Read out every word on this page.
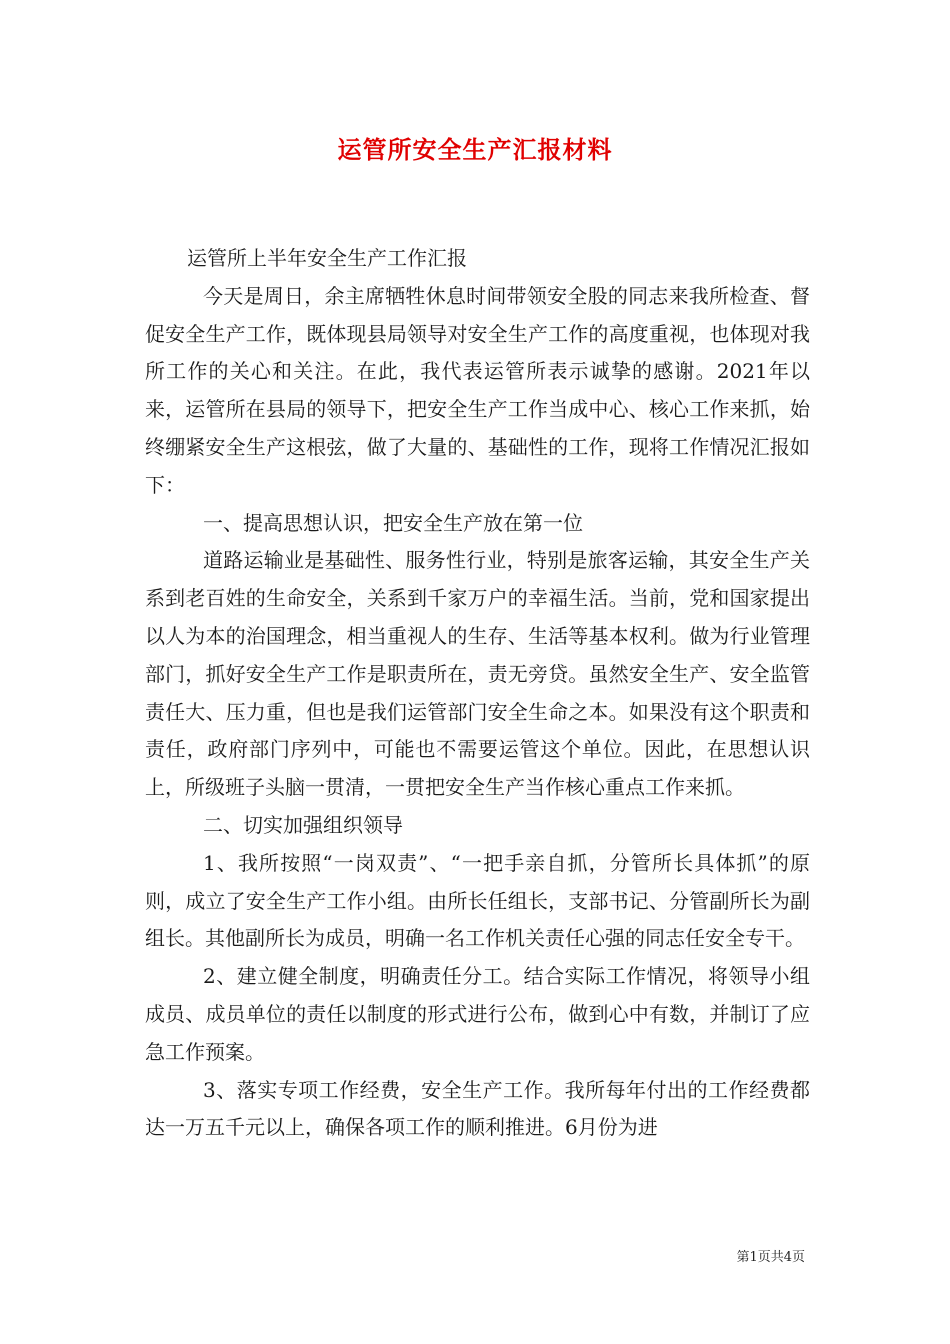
运管所安全生产汇报材料

运管所上半年安全生产工作汇报

今天是周日，余主席牺牲休息时间带领安全股的同志来我所检查、督促安全生产工作，既体现县局领导对安全生产工作的高度重视，也体现对我所工作的关心和关注。在此，我代表运管所表示诚挚的感谢。2021年以来，运管所在县局的领导下，把安全生产工作当成中心、核心工作来抓，始终绷紧安全生产这根弦，做了大量的、基础性的工作，现将工作情况汇报如下：

一、提高思想认识，把安全生产放在第一位

道路运输业是基础性、服务性行业，特别是旅客运输，其安全生产关系到老百姓的生命安全，关系到千家万户的幸福生活。当前，党和国家提出以人为本的治国理念，相当重视人的生存、生活等基本权利。做为行业管理部门，抓好安全生产工作是职责所在，责无旁贷。虽然安全生产、安全监管责任大、压力重，但也是我们运管部门安全生命之本。如果没有这个职责和责任，政府部门序列中，可能也不需要运管这个单位。因此，在思想认识上，所级班子头脑一贯清，一贯把安全生产当作核心重点工作来抓。

二、切实加强组织领导

1、我所按照“一岗双责”、“一把手亲自抓，分管所长具体抓”的原则，成立了安全生产工作小组。由所长任组长，支部书记、分管副所长为副组长。其他副所长为成员，明确一名工作机关责任心强的同志任安全专干。

2、建立健全制度，明确责任分工。结合实际工作情况，将领导小组成员、成员单位的责任以制度的形式进行公布，做到心中有数，并制订了应急工作预案。

3、落实专项工作经费，安全生产工作。我所每年付出的工作经费都达一万五千元以上，确保各项工作的顺利推进。6月份为进

第1页共4页
